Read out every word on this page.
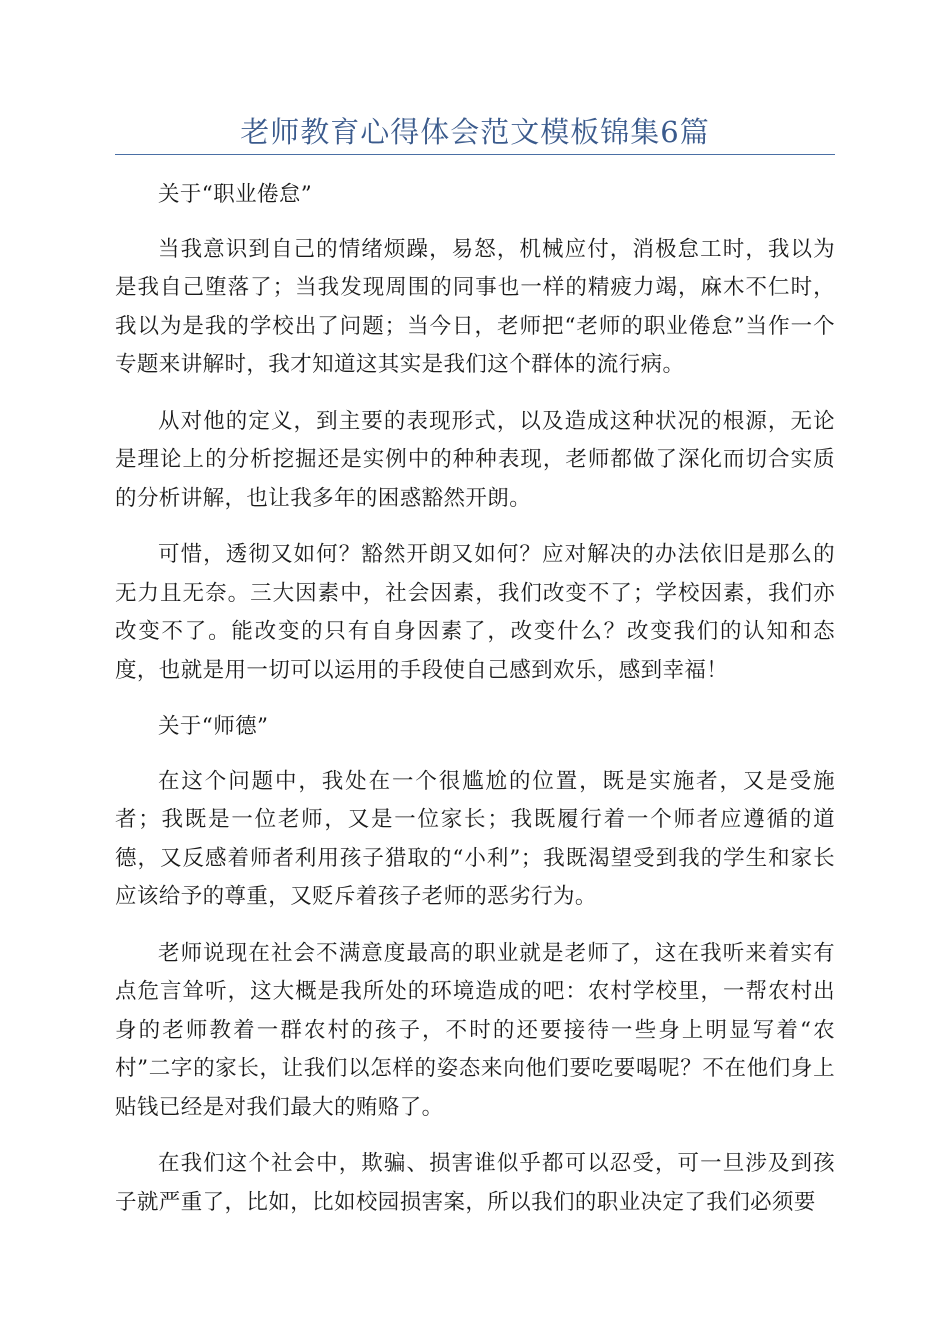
老师教育心得体会范文模板锦集6篇

关于“职业倦怠”

当我意识到自己的情绪烦躁，易怒，机械应付，消极怠工时，我以为是我自己堕落了；当我发现周围的同事也一样的精疲力竭，麻木不仁时，我以为是我的学校出了问题；当今日，老师把“老师的职业倦怠”当作一个专题来讲解时，我才知道这其实是我们这个群体的流行病。

从对他的定义，到主要的表现形式，以及造成这种状况的根源，无论是理论上的分析挖掘还是实例中的种种表现，老师都做了深化而切合实质的分析讲解，也让我多年的困惑豁然开朗。

可惜，透彻又如何？豁然开朗又如何？应对解决的办法依旧是那么的无力且无奈。三大因素中，社会因素，我们改变不了；学校因素，我们亦改变不了。能改变的只有自身因素了，改变什么？改变我们的认知和态度，也就是用一切可以运用的手段使自己感到欢乐，感到幸福！

关于“师德”

在这个问题中，我处在一个很尴尬的位置，既是实施者，又是受施者；我既是一位老师，又是一位家长；我既履行着一个师者应遵循的道德，又反感着师者利用孩子猎取的“小利”；我既渴望受到我的学生和家长应该给予的尊重，又贬斥着孩子老师的恶劣行为。

老师说现在社会不满意度最高的职业就是老师了，这在我听来着实有点危言耸听，这大概是我所处的环境造成的吧：农村学校里，一帮农村出身的老师教着一群农村的孩子，不时的还要接待一些身上明显写着“农村”二字的家长，让我们以怎样的姿态来向他们要吃要喝呢？不在他们身上贴钱已经是对我们最大的贿赂了。

在我们这个社会中，欺骗、损害谁似乎都可以忍受，可一旦涉及到孩子就严重了，比如，比如校园损害案，所以我们的职业决定了我们必须要
